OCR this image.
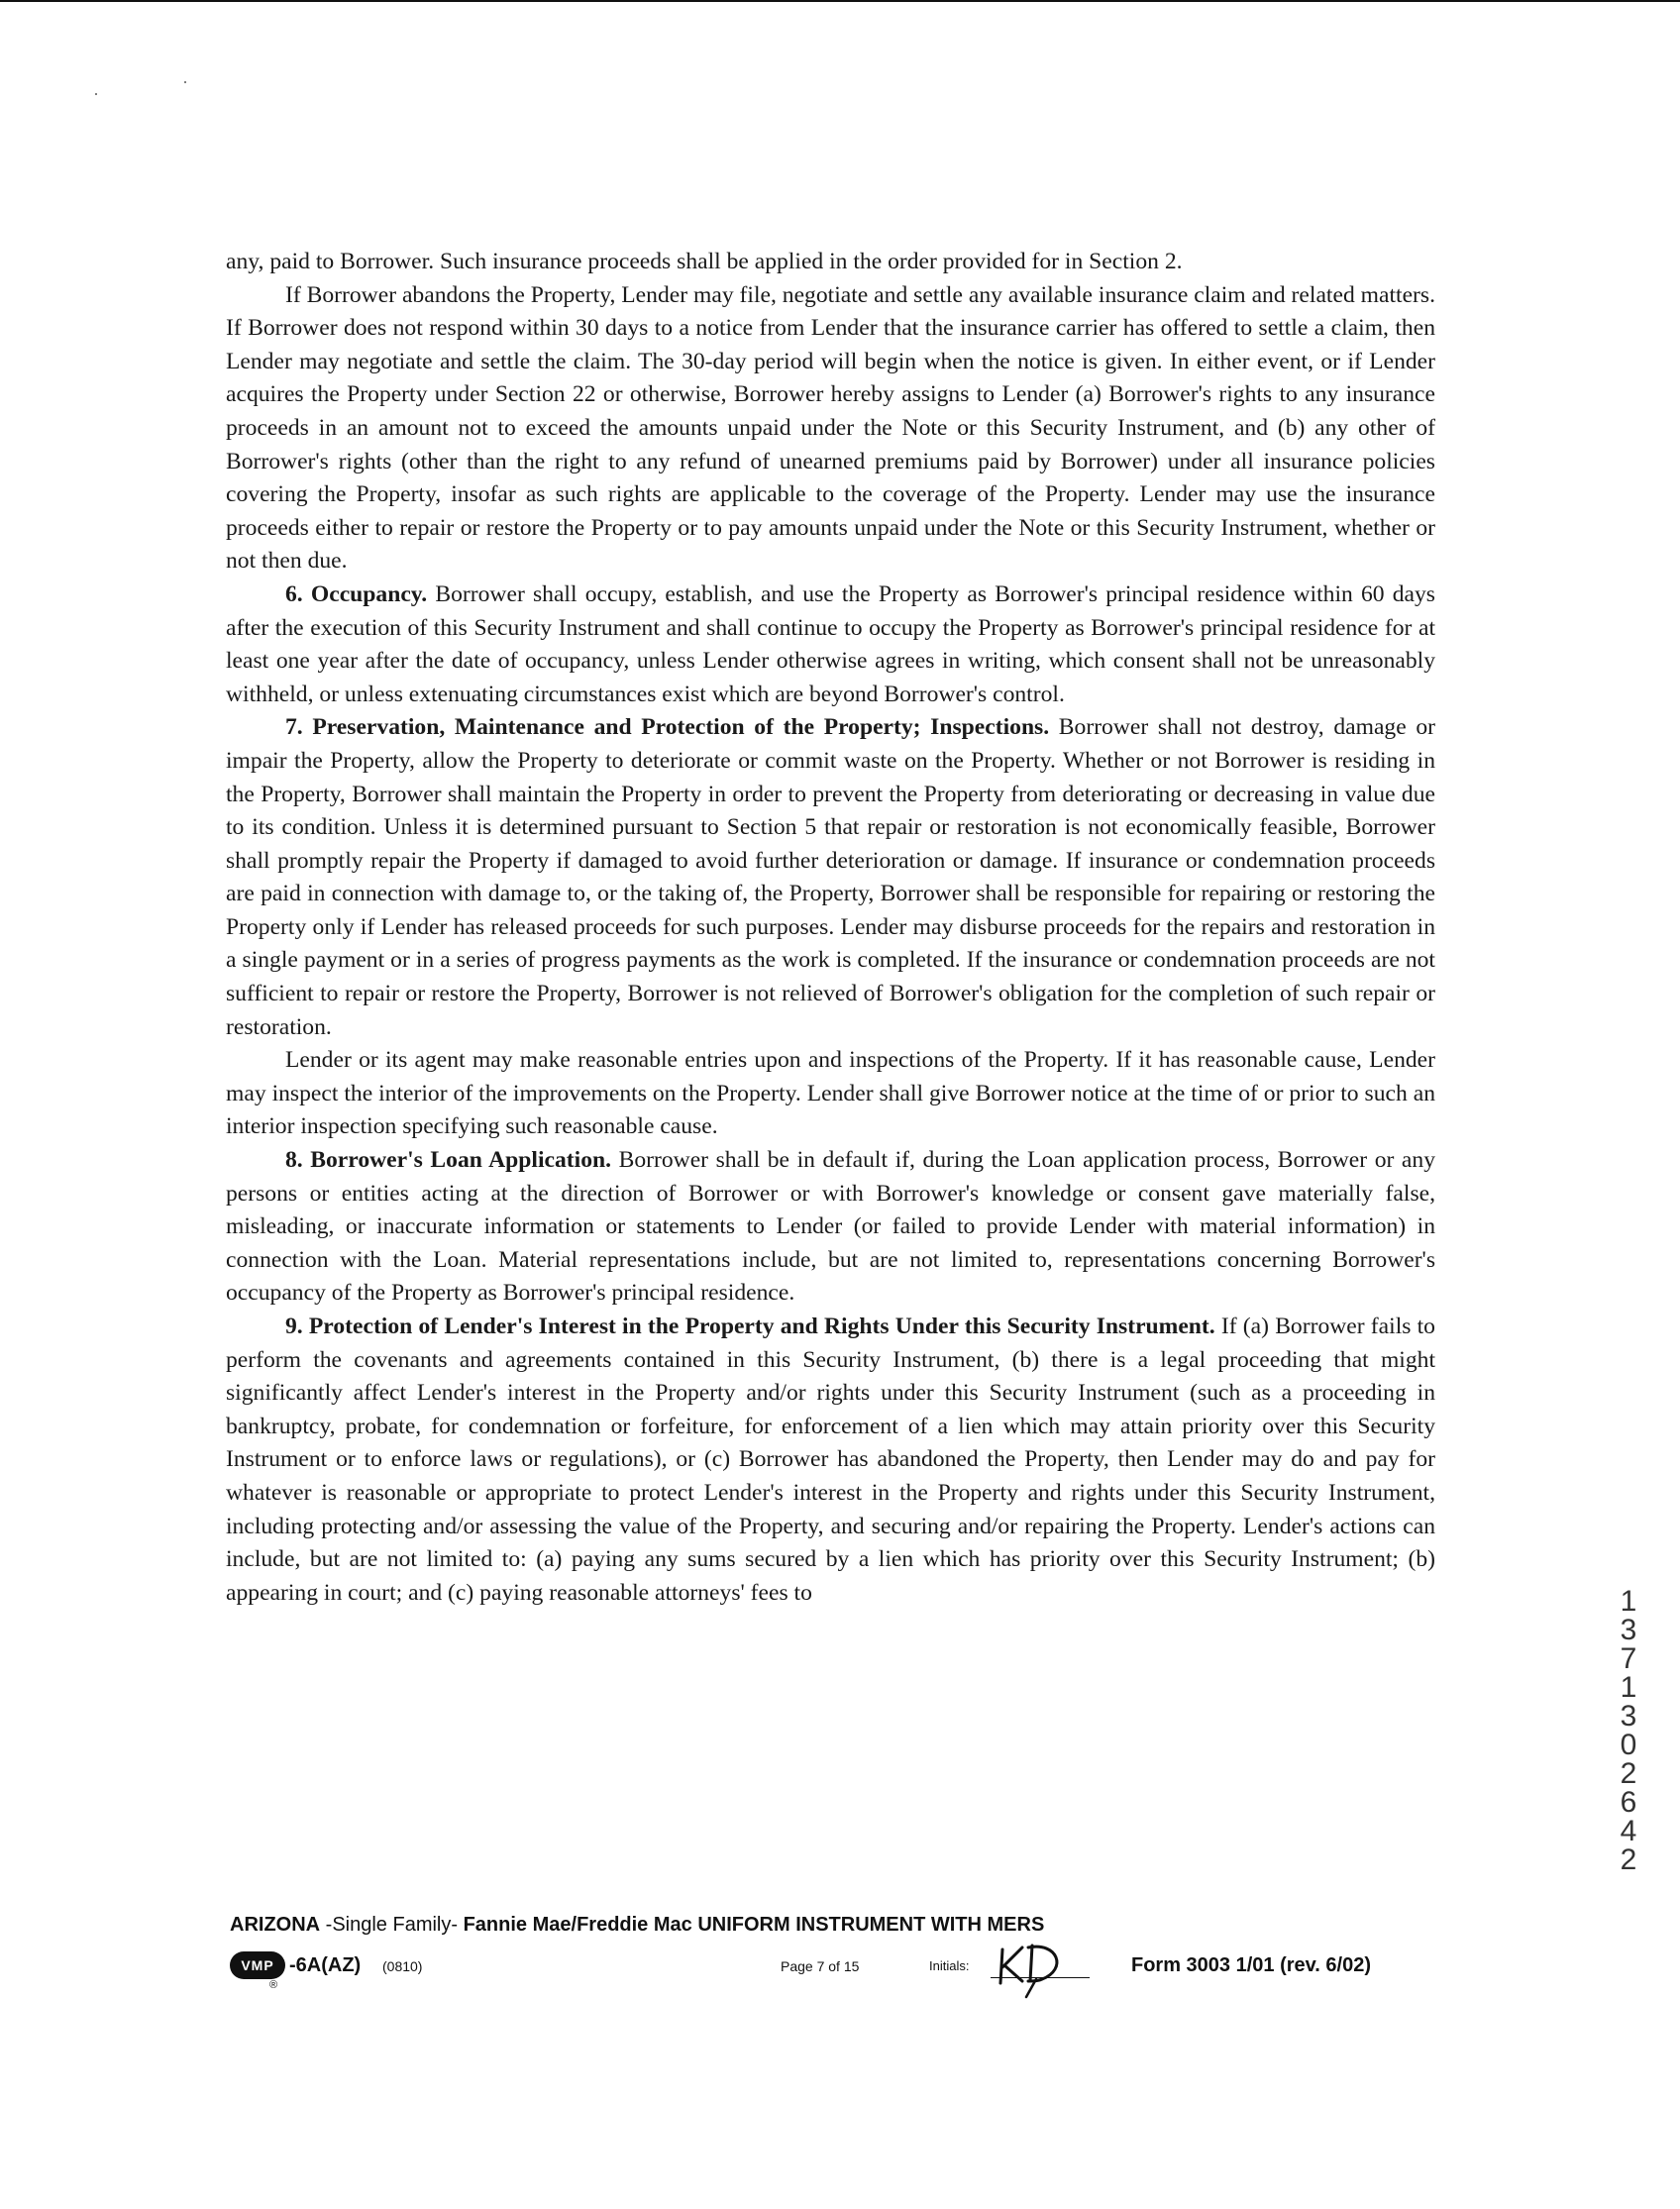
any, paid to Borrower. Such insurance proceeds shall be applied in the order provided for in Section 2.

If Borrower abandons the Property, Lender may file, negotiate and settle any available insurance claim and related matters. If Borrower does not respond within 30 days to a notice from Lender that the insurance carrier has offered to settle a claim, then Lender may negotiate and settle the claim. The 30-day period will begin when the notice is given. In either event, or if Lender acquires the Property under Section 22 or otherwise, Borrower hereby assigns to Lender (a) Borrower's rights to any insurance proceeds in an amount not to exceed the amounts unpaid under the Note or this Security Instrument, and (b) any other of Borrower's rights (other than the right to any refund of unearned premiums paid by Borrower) under all insurance policies covering the Property, insofar as such rights are applicable to the coverage of the Property. Lender may use the insurance proceeds either to repair or restore the Property or to pay amounts unpaid under the Note or this Security Instrument, whether or not then due.

6. Occupancy. Borrower shall occupy, establish, and use the Property as Borrower's principal residence within 60 days after the execution of this Security Instrument and shall continue to occupy the Property as Borrower's principal residence for at least one year after the date of occupancy, unless Lender otherwise agrees in writing, which consent shall not be unreasonably withheld, or unless extenuating circumstances exist which are beyond Borrower's control.

7. Preservation, Maintenance and Protection of the Property; Inspections. Borrower shall not destroy, damage or impair the Property, allow the Property to deteriorate or commit waste on the Property. Whether or not Borrower is residing in the Property, Borrower shall maintain the Property in order to prevent the Property from deteriorating or decreasing in value due to its condition. Unless it is determined pursuant to Section 5 that repair or restoration is not economically feasible, Borrower shall promptly repair the Property if damaged to avoid further deterioration or damage. If insurance or condemnation proceeds are paid in connection with damage to, or the taking of, the Property, Borrower shall be responsible for repairing or restoring the Property only if Lender has released proceeds for such purposes. Lender may disburse proceeds for the repairs and restoration in a single payment or in a series of progress payments as the work is completed. If the insurance or condemnation proceeds are not sufficient to repair or restore the Property, Borrower is not relieved of Borrower's obligation for the completion of such repair or restoration.

Lender or its agent may make reasonable entries upon and inspections of the Property. If it has reasonable cause, Lender may inspect the interior of the improvements on the Property. Lender shall give Borrower notice at the time of or prior to such an interior inspection specifying such reasonable cause.

8. Borrower's Loan Application. Borrower shall be in default if, during the Loan application process, Borrower or any persons or entities acting at the direction of Borrower or with Borrower's knowledge or consent gave materially false, misleading, or inaccurate information or statements to Lender (or failed to provide Lender with material information) in connection with the Loan. Material representations include, but are not limited to, representations concerning Borrower's occupancy of the Property as Borrower's principal residence.

9. Protection of Lender's Interest in the Property and Rights Under this Security Instrument. If (a) Borrower fails to perform the covenants and agreements contained in this Security Instrument, (b) there is a legal proceeding that might significantly affect Lender's interest in the Property and/or rights under this Security Instrument (such as a proceeding in bankruptcy, probate, for condemnation or forfeiture, for enforcement of a lien which may attain priority over this Security Instrument or to enforce laws or regulations), or (c) Borrower has abandoned the Property, then Lender may do and pay for whatever is reasonable or appropriate to protect Lender's interest in the Property and rights under this Security Instrument, including protecting and/or assessing the value of the Property, and securing and/or repairing the Property. Lender's actions can include, but are not limited to: (a) paying any sums secured by a lien which has priority over this Security Instrument; (b) appearing in court; and (c) paying reasonable attorneys' fees to	1371302642
ARIZONA -Single Family- Fannie Mae/Freddie Mac UNIFORM INSTRUMENT WITH MERS
VMP
®
-6A(AZ) (0810)	Page 7 of 15	Initials:	Form 3003 1/01 (rev. 6/02)
